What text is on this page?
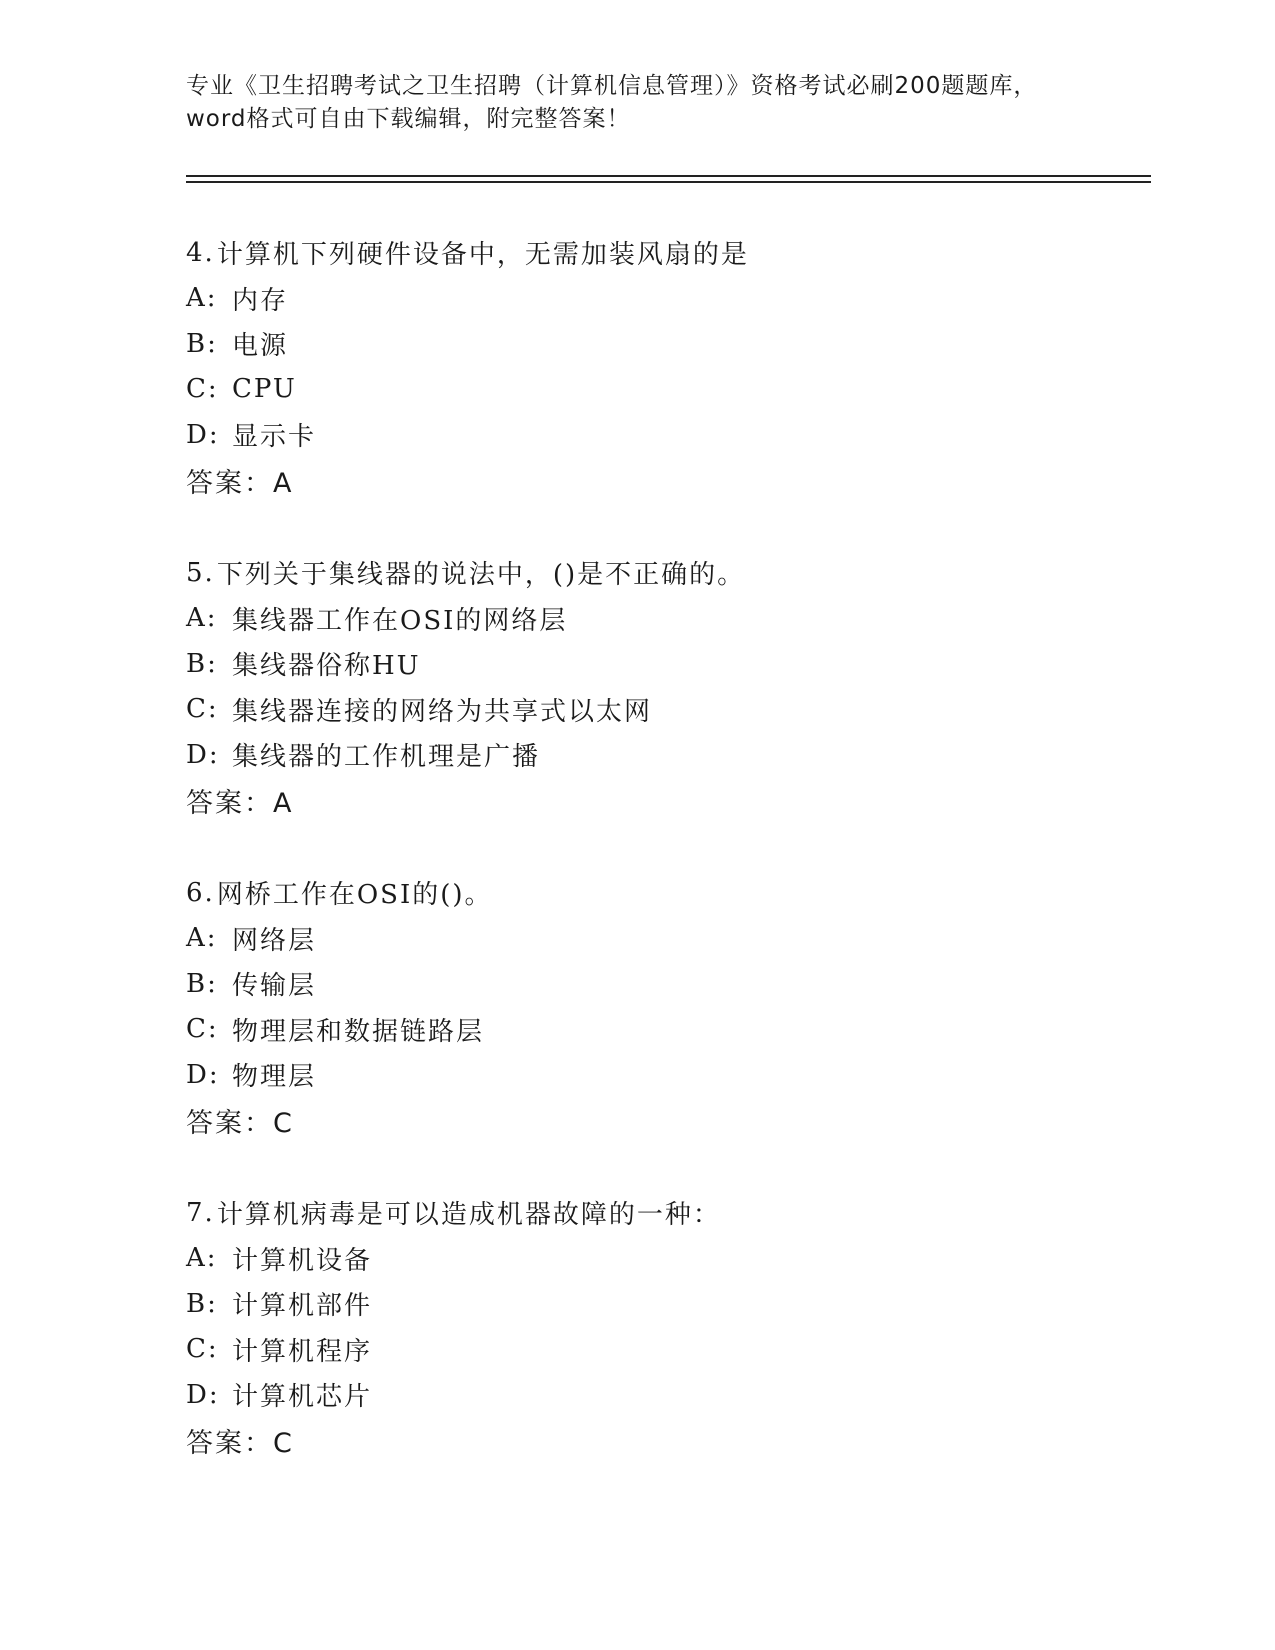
专业《卫生招聘考试之卫生招聘（计算机信息管理）》资格考试必刷200题题库，
word格式可自由下载编辑，附完整答案！
4. 计算机下列硬件设备中，无需加装风扇的是
A: 内存
B: 电源
C: CPU
D: 显示卡
答案：A
5. 下列关于集线器的说法中，()是不正确的。
A: 集线器工作在OSI的网络层
B: 集线器俗称HU
C: 集线器连接的网络为共享式以太网
D: 集线器的工作机理是广播
答案：A
6. 网桥工作在OSI的()。
A: 网络层
B: 传输层
C: 物理层和数据链路层
D: 物理层
答案：C
7. 计算机病毒是可以造成机器故障的一种：
A: 计算机设备
B: 计算机部件
C: 计算机程序
D: 计算机芯片
答案：C
